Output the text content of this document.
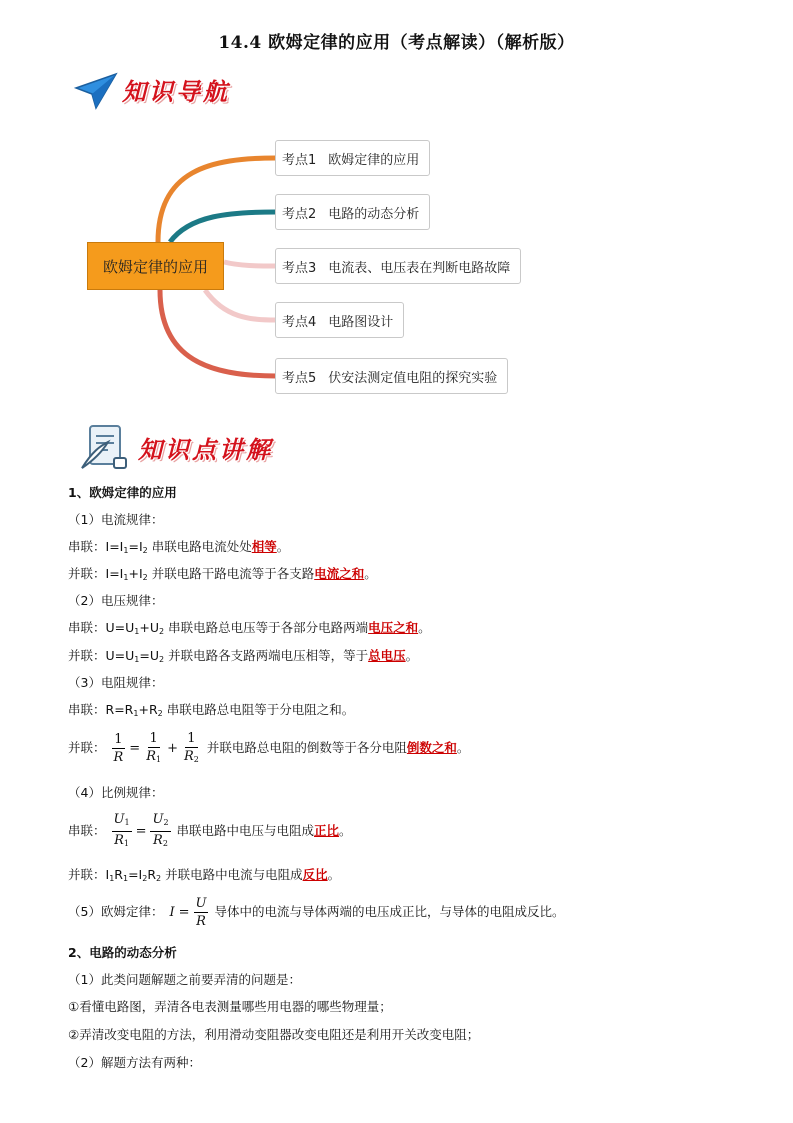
14.4 欧姆定律的应用（考点解读）（解析版）
知识导航
欧姆定律的应用
考点1 欧姆定律的应用
考点2 电路的动态分析
考点3 电流表、电压表在判断电路故障
考点4 电路图设计
考点5 伏安法测定值电阻的探究实验
知识点讲解
1、欧姆定律的应用
（1）电流规律：
串联：$I=I_1=I_2$ 串联电路电流处处相等。
并联：$I=I_1+I_2$ 并联电路干路电流等于各支路电流之和。
（2）电压规律：
串联：$U=U_1+U_2$ 串联电路总电压等于各部分电路两端电压之和。
并联：$U=U_1=U_2$ 并联电路各支路两端电压相等，等于总电压。
（3）电阻规律：
串联：$R=R_1+R_2$ 串联电路总电阻等于分电阻之和。
并联： $\frac{1}{R} = \frac{1}{R1} + \frac{1}{R2}$ 并联电路总电阻的倒数等于各分电阻倒数之和。
（4）比例规律：
串联： $\frac{U1}{R1} = \frac{U2}{R2}$ 串联电路中电压与电阻成正比。
并联：$I_1R_1=I_2R_2$ 并联电路中电流与电阻成反比。
（5）欧姆定律： $I = \frac{U}{R}$ 导体中的电流与导体两端的电压成正比，与导体的电阻成反比。
2、电路的动态分析
（1）此类问题解题之前要弄清的问题是：
①看懂电路图，弄清各电表测量哪些用电器的哪些物理量；
②弄清改变电阻的方法，利用滑动变阻器改变电阻还是利用开关改变电阻；
（2）解题方法有两种：
